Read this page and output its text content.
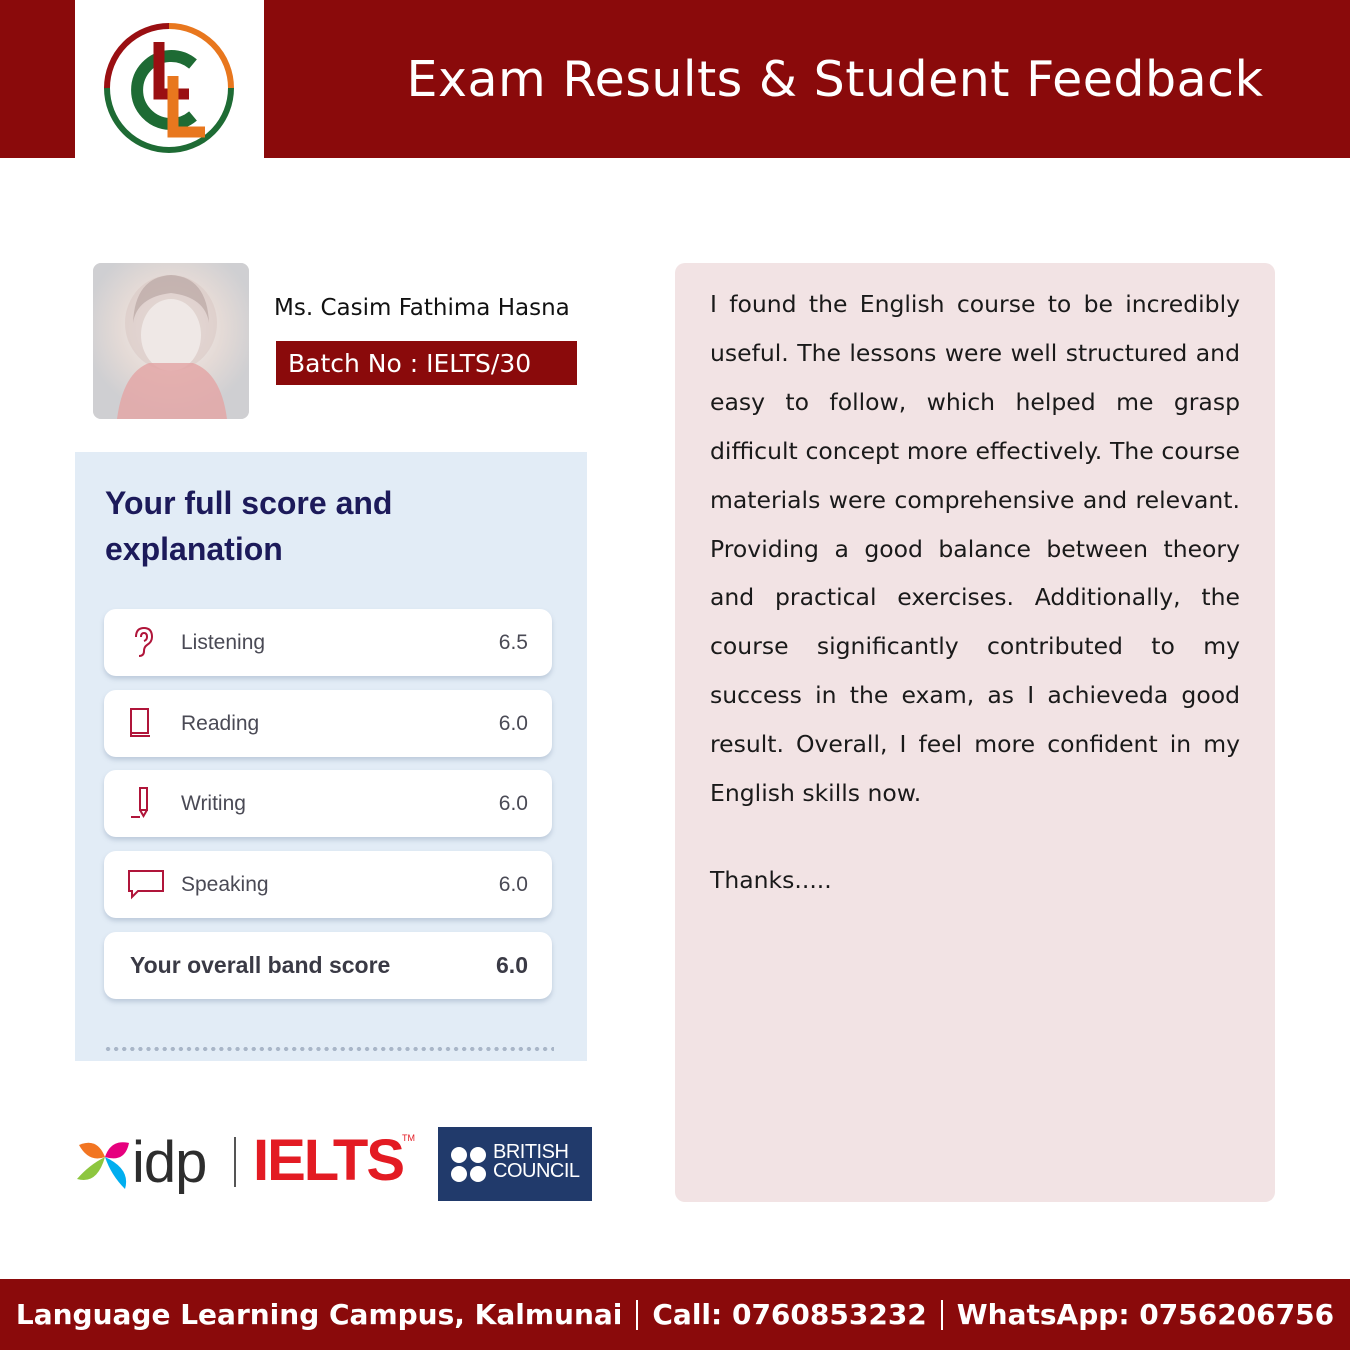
Exam Results & Student Feedback
Ms. Casim Fathima Hasna
Batch No : IELTS/30
Your full score and explanation
Listening	6.5
Reading	6.0
Writing	6.0
Speaking	6.0
Your overall band score	6.0
idp IELTS
TM
BRITISH
COUNCIL

I found the English course to be incredibly useful. The lessons were well structured and easy to follow, which helped me grasp difficult concept more effectively. The course materials were comprehensive and relevant. Providing a good balance between theory and practical exercises. Additionally, the course significantly contributed to my success in the exam, as I achieveda good result. Overall, I feel more confident in my English skills now.

Thanks.....
Language Learning Campus, Kalmunai Call: 0760853232 WhatsApp: 0756206756
